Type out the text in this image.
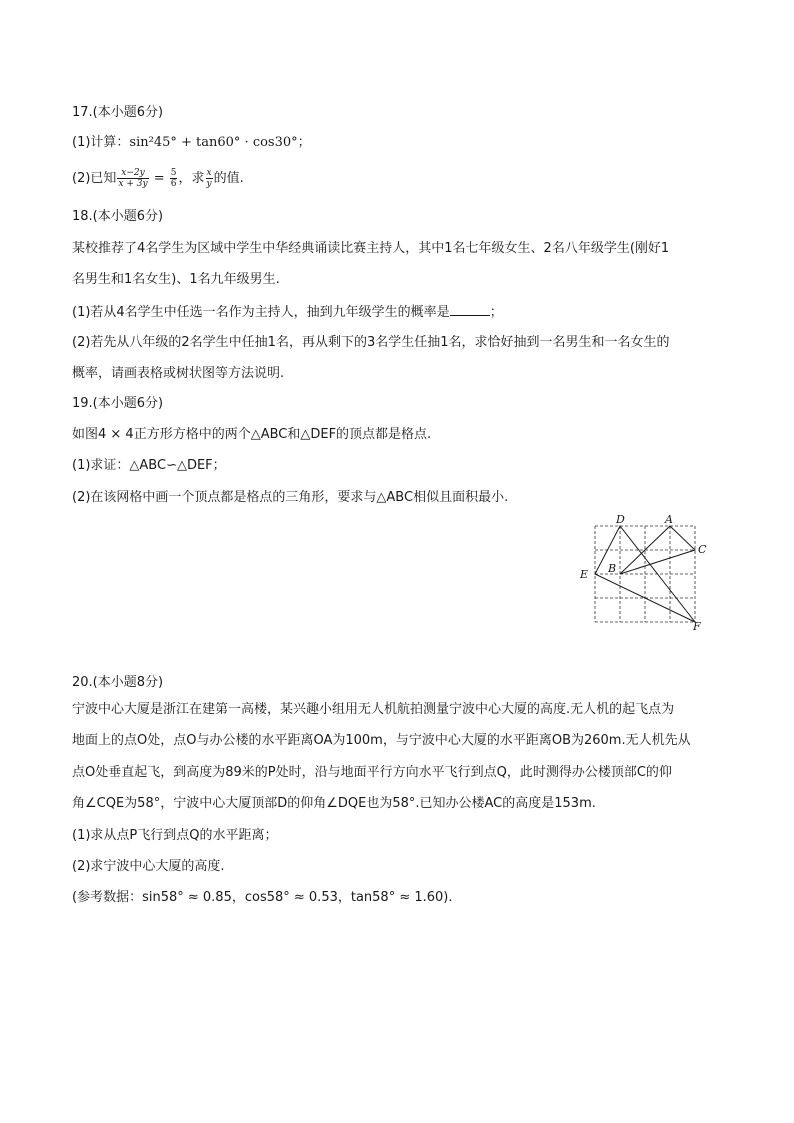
17.(本小题6分)
(1)计算：sin²45° + tan60° · cos30°；
(2)已知 $\frac{x-2y}{x + 3y} = \frac{5}{6}$ ，求 $\frac{x}{y}$ 的值.
18.(本小题6分)
某校推荐了4名学生为区域中学生中华经典诵读比赛主持人，其中1名七年级女生、2名八年级学生(刚好1
名男生和1名女生)、1名九年级男生.
(1)若从4名学生中任选一名作为主持人，抽到九年级学生的概率是	；
(2)若先从八年级的2名学生中任抽1名，再从剩下的3名学生任抽1名，求恰好抽到一名男生和一名女生的
概率，请画表格或树状图等方法说明.
19.(本小题6分)
如图4 × 4正方形方格中的两个△ABC和△DEF的顶点都是格点.
(1)求证：△ABC∽△DEF；
(2)在该网格中画一个顶点都是格点的三角形，要求与△ABC相似且面积最小.
D	A
C
B
E
F
20.(本小题8分)
宁波中心大厦是浙江在建第一高楼，某兴趣小组用无人机航拍测量宁波中心大厦的高度.无人机的起飞点为
地面上的点O处，点O与办公楼的水平距离OA为100m，与宁波中心大厦的水平距离OB为260m.无人机先从
点O处垂直起飞，到高度为89米的P处时，沿与地面平行方向水平飞行到点Q，此时测得办公楼顶部C的仰
角∠CQE为58°，宁波中心大厦顶部D的仰角∠DQE也为58°.已知办公楼AC的高度是153m.
(1)求从点P飞行到点Q的水平距离；
(2)求宁波中心大厦的高度.
(参考数据：sin58° ≈ 0.85，cos58° ≈ 0.53，tan58° ≈ 1.60).
